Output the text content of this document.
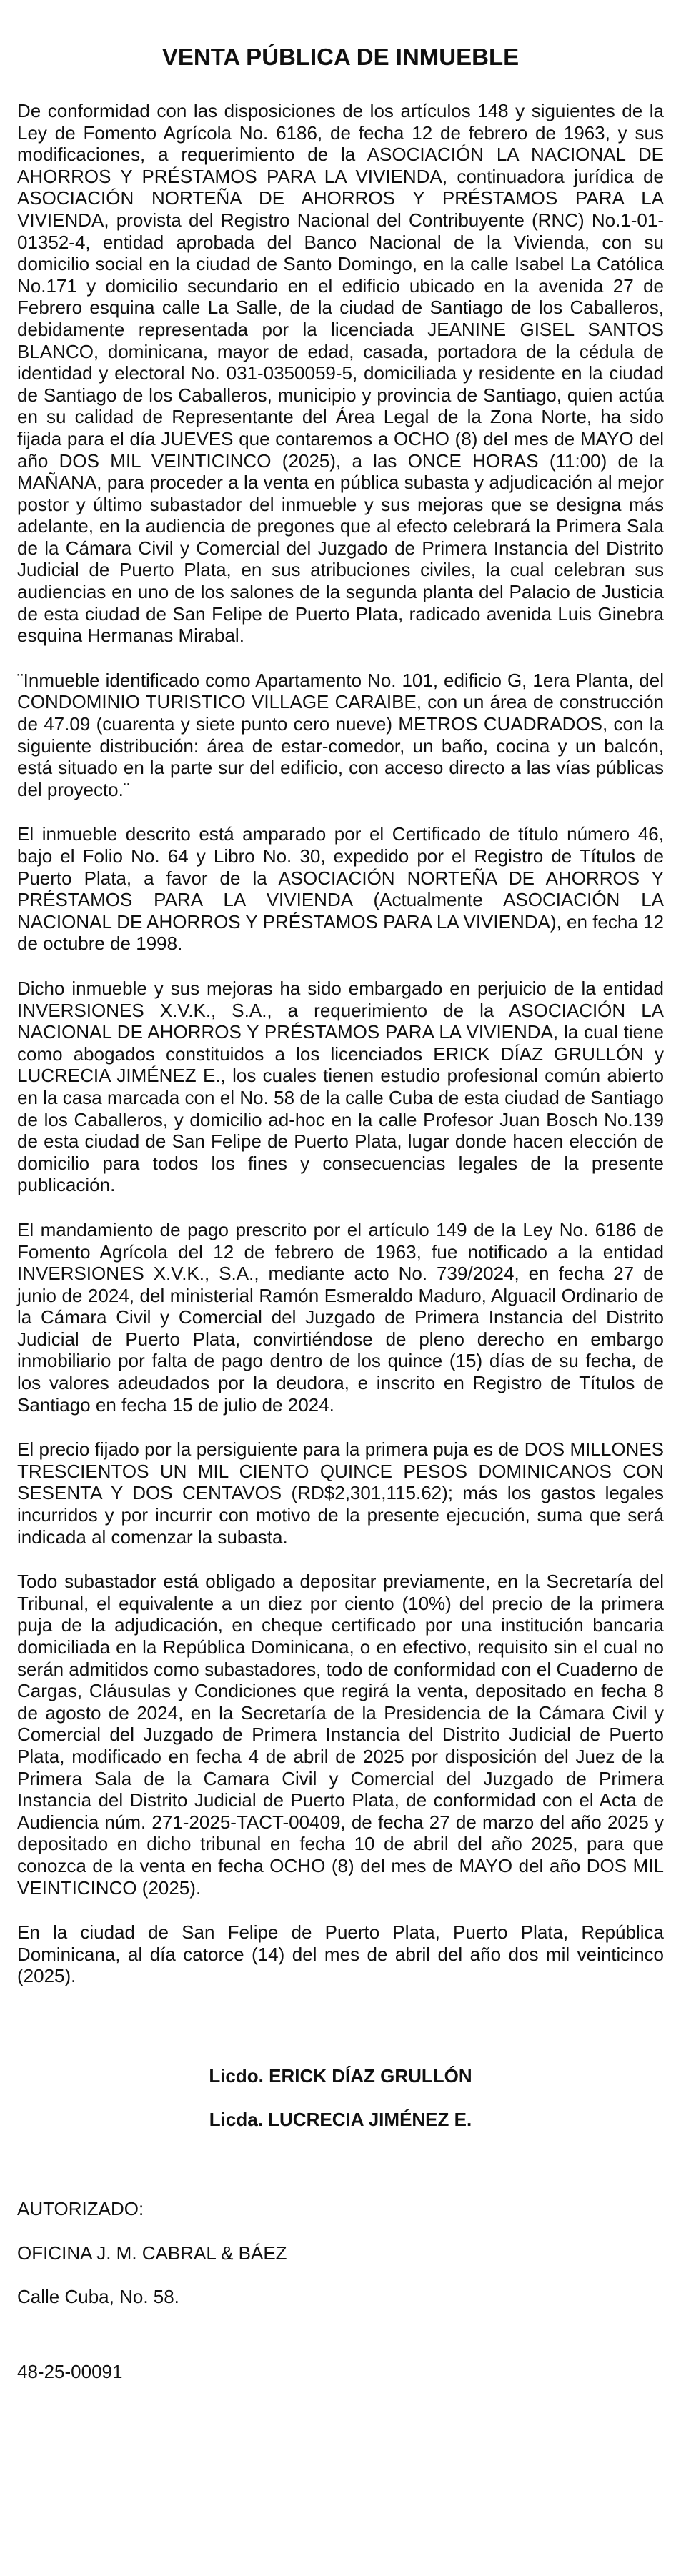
VENTA PÚBLICA DE INMUEBLE

De conformidad con las disposiciones de los artículos 148 y siguientes de la Ley de Fomento Agrícola No. 6186, de fecha 12 de febrero de 1963, y sus modificaciones, a requerimiento de la ASOCIACIÓN LA NACIONAL DE AHORROS Y PRÉSTAMOS PARA LA VIVIENDA, continuadora jurídica de ASOCIACIÓN NORTEÑA DE AHORROS Y PRÉSTAMOS PARA LA VIVIENDA, provista del Registro Nacional del Contribuyente (RNC) No.1-01-01352-4, entidad aprobada del Banco Nacional de la Vivienda, con su domicilio social en la ciudad de Santo Domingo, en la calle Isabel La Católica No.171 y domicilio secundario en el edificio ubicado en la avenida 27 de Febrero esquina calle La Salle, de la ciudad de Santiago de los Caballeros, debidamente representada por la licenciada JEANINE GISEL SANTOS BLANCO, dominicana, mayor de edad, casada, portadora de la cédula de identidad y electoral No. 031-0350059-5, domiciliada y residente en la ciudad de Santiago de los Caballeros, municipio y provincia de Santiago, quien actúa en su calidad de Representante del Área Legal de la Zona Norte, ha sido fijada para el día JUEVES que contaremos a OCHO (8) del mes de MAYO del año DOS MIL VEINTICINCO (2025), a las ONCE HORAS (11:00) de la MAÑANA, para proceder a la venta en pública subasta y adjudicación al mejor postor y último subastador del inmueble y sus mejoras que se designa más adelante, en la audiencia de pregones que al efecto celebrará la Primera Sala de la Cámara Civil y Comercial del Juzgado de Primera Instancia del Distrito Judicial de Puerto Plata, en sus atribuciones civiles, la cual celebran sus audiencias en uno de los salones de la segunda planta del Palacio de Justicia de esta ciudad de San Felipe de Puerto Plata, radicado avenida Luis Ginebra esquina Hermanas Mirabal.

¨Inmueble identificado como Apartamento No. 101, edificio G, 1era Planta, del CONDOMINIO TURISTICO VILLAGE CARAIBE, con un área de construcción de 47.09 (cuarenta y siete punto cero nueve) METROS CUADRADOS, con la siguiente distribución: área de estar-comedor, un baño, cocina y un balcón, está situado en la parte sur del edificio, con acceso directo a las vías públicas del proyecto.¨

El inmueble descrito está amparado por el Certificado de título número 46, bajo el Folio No. 64 y Libro No. 30, expedido por el Registro de Títulos de Puerto Plata, a favor de la ASOCIACIÓN NORTEÑA DE AHORROS Y PRÉSTAMOS PARA LA VIVIENDA (Actualmente ASOCIACIÓN LA NACIONAL DE AHORROS Y PRÉSTAMOS PARA LA VIVIENDA), en fecha 12 de octubre de 1998.

Dicho inmueble y sus mejoras ha sido embargado en perjuicio de la entidad INVERSIONES X.V.K., S.A., a requerimiento de la ASOCIACIÓN LA NACIONAL DE AHORROS Y PRÉSTAMOS PARA LA VIVIENDA, la cual tiene como abogados constituidos a los licenciados ERICK DÍAZ GRULLÓN y LUCRECIA JIMÉNEZ E., los cuales tienen estudio profesional común abierto en la casa marcada con el No. 58 de la calle Cuba de esta ciudad de Santiago de los Caballeros, y domicilio ad-hoc en la calle Profesor Juan Bosch No.139 de esta ciudad de San Felipe de Puerto Plata, lugar donde hacen elección de domicilio para todos los fines y consecuencias legales de la presente publicación.

El mandamiento de pago prescrito por el artículo 149 de la Ley No. 6186 de Fomento Agrícola del 12 de febrero de 1963, fue notificado a la entidad INVERSIONES X.V.K., S.A., mediante acto No. 739/2024, en fecha 27 de junio de 2024, del ministerial Ramón Esmeraldo Maduro, Alguacil Ordinario de la Cámara Civil y Comercial del Juzgado de Primera Instancia del Distrito Judicial de Puerto Plata, convirtiéndose de pleno derecho en embargo inmobiliario por falta de pago dentro de los quince (15) días de su fecha, de los valores adeudados por la deudora, e inscrito en Registro de Títulos de Santiago en fecha 15 de julio de 2024.

El precio fijado por la persiguiente para la primera puja es de DOS MILLONES TRESCIENTOS UN MIL CIENTO QUINCE PESOS DOMINICANOS CON SESENTA Y DOS CENTAVOS (RD$2,301,115.62); más los gastos legales incurridos y por incurrir con motivo de la presente ejecución, suma que será indicada al comenzar la subasta.

Todo subastador está obligado a depositar previamente, en la Secretaría del Tribunal, el equivalente a un diez por ciento (10%) del precio de la primera puja de la adjudicación, en cheque certificado por una institución bancaria domiciliada en la República Dominicana, o en efectivo, requisito sin el cual no serán admitidos como subastadores, todo de conformidad con el Cuaderno de Cargas, Cláusulas y Condiciones que regirá la venta, depositado en fecha 8 de agosto de 2024, en la Secretaría de la Presidencia de la Cámara Civil y Comercial del Juzgado de Primera Instancia del Distrito Judicial de Puerto Plata, modificado en fecha 4 de abril de 2025 por disposición del Juez de la Primera Sala de la Camara Civil y Comercial del Juzgado de Primera Instancia del Distrito Judicial de Puerto Plata, de conformidad con el Acta de Audiencia núm. 271-2025-TACT-00409, de fecha 27 de marzo del año 2025 y depositado en dicho tribunal en fecha 10 de abril del año 2025, para que conozca de la venta en fecha OCHO (8) del mes de MAYO del año DOS MIL VEINTICINCO (2025).

En la ciudad de San Felipe de Puerto Plata, Puerto Plata, República Dominicana, al día catorce (14) del mes de abril del año dos mil veinticinco (2025).

Licdo. ERICK DÍAZ GRULLÓN

Licda. LUCRECIA JIMÉNEZ E.

AUTORIZADO:

OFICINA J. M. CABRAL & BÁEZ

Calle Cuba, No. 58.

48-25-00091
